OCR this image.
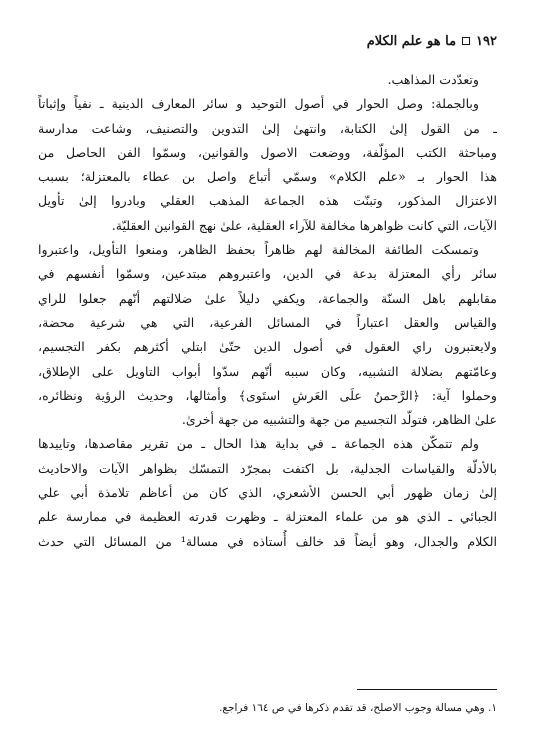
١٩٢
ما هو علم الكلام
وتعدّدت المذاهب.
وبالجملة: وصل الحوار في أصول التوحيد و سائر المعارف الدينية ـ نفياً وإثباتاً
ـ من القول إلىٰ الكتابة، وانتهىٰ إلىٰ التدوين والتصنيف، وشاعت مدارسة
ومباحثة الكتب المؤلّفة، ووضعت الاصول والقوانين، وسمّوا الفن الحاصل من
هذا الحوار بـ «علم الكلام» وسمّي أتباع واصل بن عطاء بالمعتزلة؛ بسبب
الاعتزال المذكور، وتبنّت هذه الجماعة المذهب العقلي وبادروا إلىٰ تأويل
الآيات، التي كانت ظواهرها مخالفة للآراء العقلية، علىٰ نهج القوانين العقليّة.
وتمسكت الطائفة المخالفة لهم ظاهراً بحفظ الظاهر، ومنعوا التأويل، واعتبروا
سائر رأي المعتزلة بدعة في الدين، واعتبروهم مبتدعين، وسمّوا أنفسهم في
مقابلهم باهل السنّة والجماعة، ويكفي دليلاً علىٰ ضلالتهم أنّهم جعلوا للراي
والقياس والعقل اعتباراً في المسائل الفرعية، التي هي شرعية محضة،
ولايعتبرون راي العقول في أصول الدين حتّىٰ ابتلي أكثرهم بكفر التجسيم،
وعامّتهم بضلالة التشبيه، وكان سببه أنّهم سدّوا أبواب التاويل على الإطلاق،
وحملوا آية: ﴿الرَّحمنُ علَى العَرشِ استَوى﴾ وأمثالها، وحديث الرؤية ونظائره،
علىٰ الظاهر، فتولّد التجسيم من جهة والتشبيه من جهة أخرىٰ.
ولم تتمكّن هذه الجماعة ـ في بداية هذا الحال ـ من تقرير مقاصدها، وتاييدها
بالأدلّة والقياسات الجدلية، بل اكتفت بمجرّد التمسّك بظواهر الآيات والاحاديث
إلىٰ زمان ظهور أبي الحسن الأشعري، الذي كان من أعاظم تلامذة أبي علي
الجبائي ـ الذي هو من علماء المعتزلة ـ وظهرت قدرته العظيمة في ممارسة علم
الكلام والجدال، وهو أيضاً قد خالف أُستاذه في مسالة¹ من المسائل التي حدث
١. وهي مسالة وجوب الاصلح، قد تقدم ذكرها في ص ١٦٤ فراجع.
